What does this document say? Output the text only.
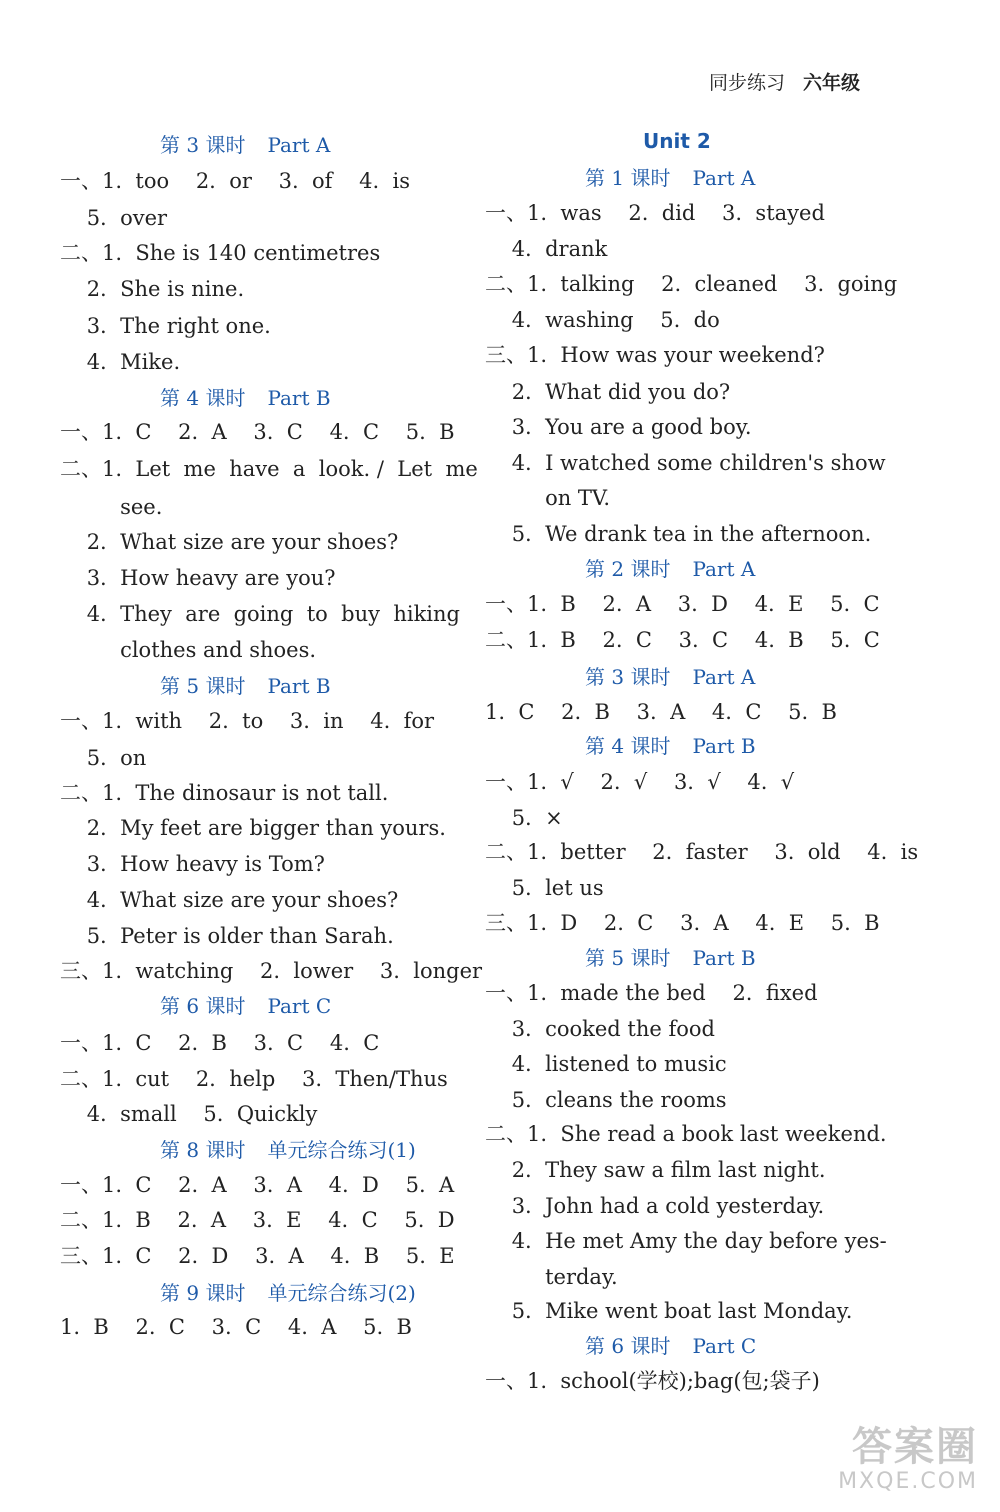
同步练习 六年级
第 3 课时 Part A
一、1.  too    2.  or    3.  of    4.  is
5.  over
二、1.  She is 140 centimetres
2.  She is nine.
3.  The right one.
4.  Mike.
第 4 课时 Part B
一、1.  C    2.  A    3.  C    4.  C    5.  B
二、1.  Let  me  have  a  look. /  Let  me
see.
2.  What size are your shoes?
3.  How heavy are you?
4.  They  are  going  to  buy  hiking
clothes and shoes.
第 5 课时 Part B
一、1.  with    2.  to    3.  in    4.  for
5.  on
二、1.  The dinosaur is not tall.
2.  My feet are bigger than yours.
3.  How heavy is Tom?
4.  What size are your shoes?
5.  Peter is older than Sarah.
三、1.  watching    2.  lower    3.  longer
第 6 课时 Part C
一、1.  C    2.  B    3.  C    4.  C
二、1.  cut    2.  help    3.  Then/Thus
4.  small    5.  Quickly
第 8 课时 单元综合练习(1)
一、1.  C    2.  A    3.  A    4.  D    5.  A
二、1.  B    2.  A    3.  E    4.  C    5.  D
三、1.  C    2.  D    3.  A    4.  B    5.  E
第 9 课时 单元综合练习(2)
1.  B    2.  C    3.  C    4.  A    5.  B
Unit 2
第 1 课时 Part A
一、1.  was    2.  did    3.  stayed
4.  drank
二、1.  talking    2.  cleaned    3.  going
4.  washing    5.  do
三、1.  How was your weekend?
2.  What did you do?
3.  You are a good boy.
4.  I watched some children's show
on TV.
5.  We drank tea in the afternoon.
第 2 课时 Part A
一、1.  B    2.  A    3.  D    4.  E    5.  C
二、1.  B    2.  C    3.  C    4.  B    5.  C
第 3 课时 Part A
1.  C    2.  B    3.  A    4.  C    5.  B
第 4 课时 Part B
一、1.  √    2.  √    3.  √    4.  √
5.  ×
二、1.  better    2.  faster    3.  old    4.  is
5.  let us
三、1.  D    2.  C    3.  A    4.  E    5.  B
第 5 课时 Part B
一、1.  made the bed    2.  fixed
3.  cooked the food
4.  listened to music
5.  cleans the rooms
二、1.  She read a book last weekend.
2.  They saw a film last night.
3.  John had a cold yesterday.
4.  He met Amy the day before yes-
terday.
5.  Mike went boat last Monday.
第 6 课时 Part C
一、1.  school(学校);bag(包;袋子)
答案圈
MXQE.COM
